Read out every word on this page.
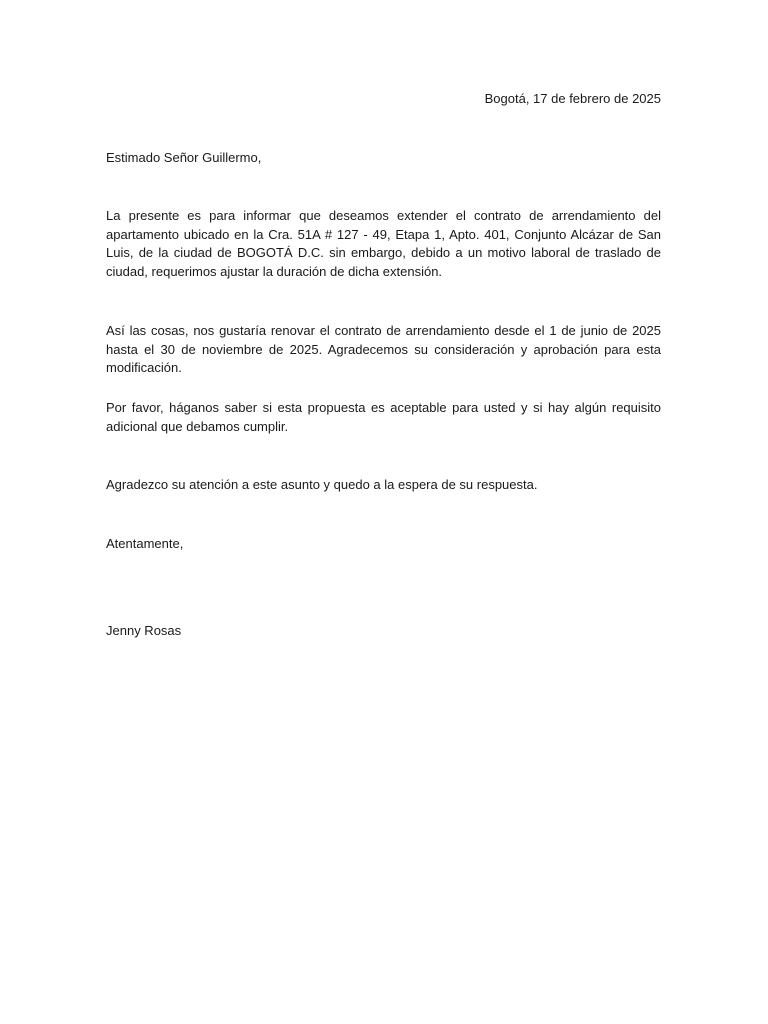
Bogotá, 17 de febrero de 2025

Estimado Señor Guillermo,

La presente es para informar que deseamos extender el contrato de arrendamiento del apartamento ubicado en la Cra. 51A # 127 - 49, Etapa 1, Apto. 401, Conjunto Alcázar de San Luis, de la ciudad de BOGOTÁ D.C. sin embargo, debido a un motivo laboral de traslado de ciudad, requerimos ajustar la duración de dicha extensión.

Así las cosas, nos gustaría renovar el contrato de arrendamiento desde el 1 de junio de 2025 hasta el 30 de noviembre de 2025. Agradecemos su consideración y aprobación para esta modificación.

Por favor, háganos saber si esta propuesta es aceptable para usted y si hay algún requisito adicional que debamos cumplir.

Agradezco su atención a este asunto y quedo a la espera de su respuesta.

Atentamente,

Jenny Rosas
